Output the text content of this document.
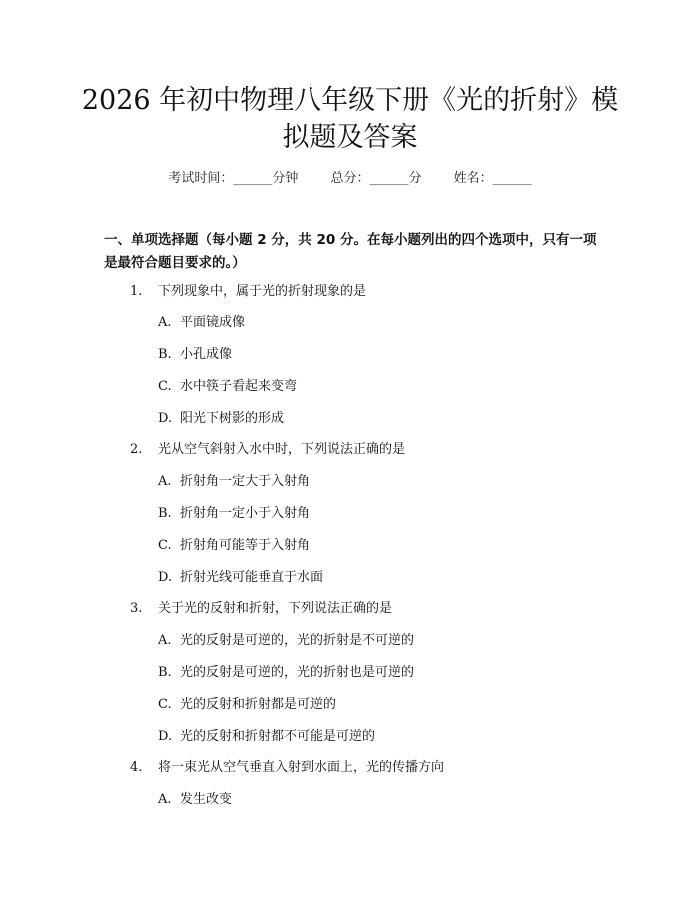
2026 年初中物理八年级下册《光的折射》模
拟题及答案
考试时间：______分钟 总分：______分 姓名：______
一、单项选择题（每小题 2 分，共 20 分。在每小题列出的四个选项中，只有一项
是最符合题目要求的。）
1. 下列现象中，属于光的折射现象的是
A. 平面镜成像
B. 小孔成像
C. 水中筷子看起来变弯
D. 阳光下树影的形成
2. 光从空气斜射入水中时，下列说法正确的是
A. 折射角一定大于入射角
B. 折射角一定小于入射角
C. 折射角可能等于入射角
D. 折射光线可能垂直于水面
3. 关于光的反射和折射，下列说法正确的是
A. 光的反射是可逆的，光的折射是不可逆的
B. 光的反射是可逆的，光的折射也是可逆的
C. 光的反射和折射都是可逆的
D. 光的反射和折射都不可能是可逆的
4. 将一束光从空气垂直入射到水面上，光的传播方向
A. 发生改变
